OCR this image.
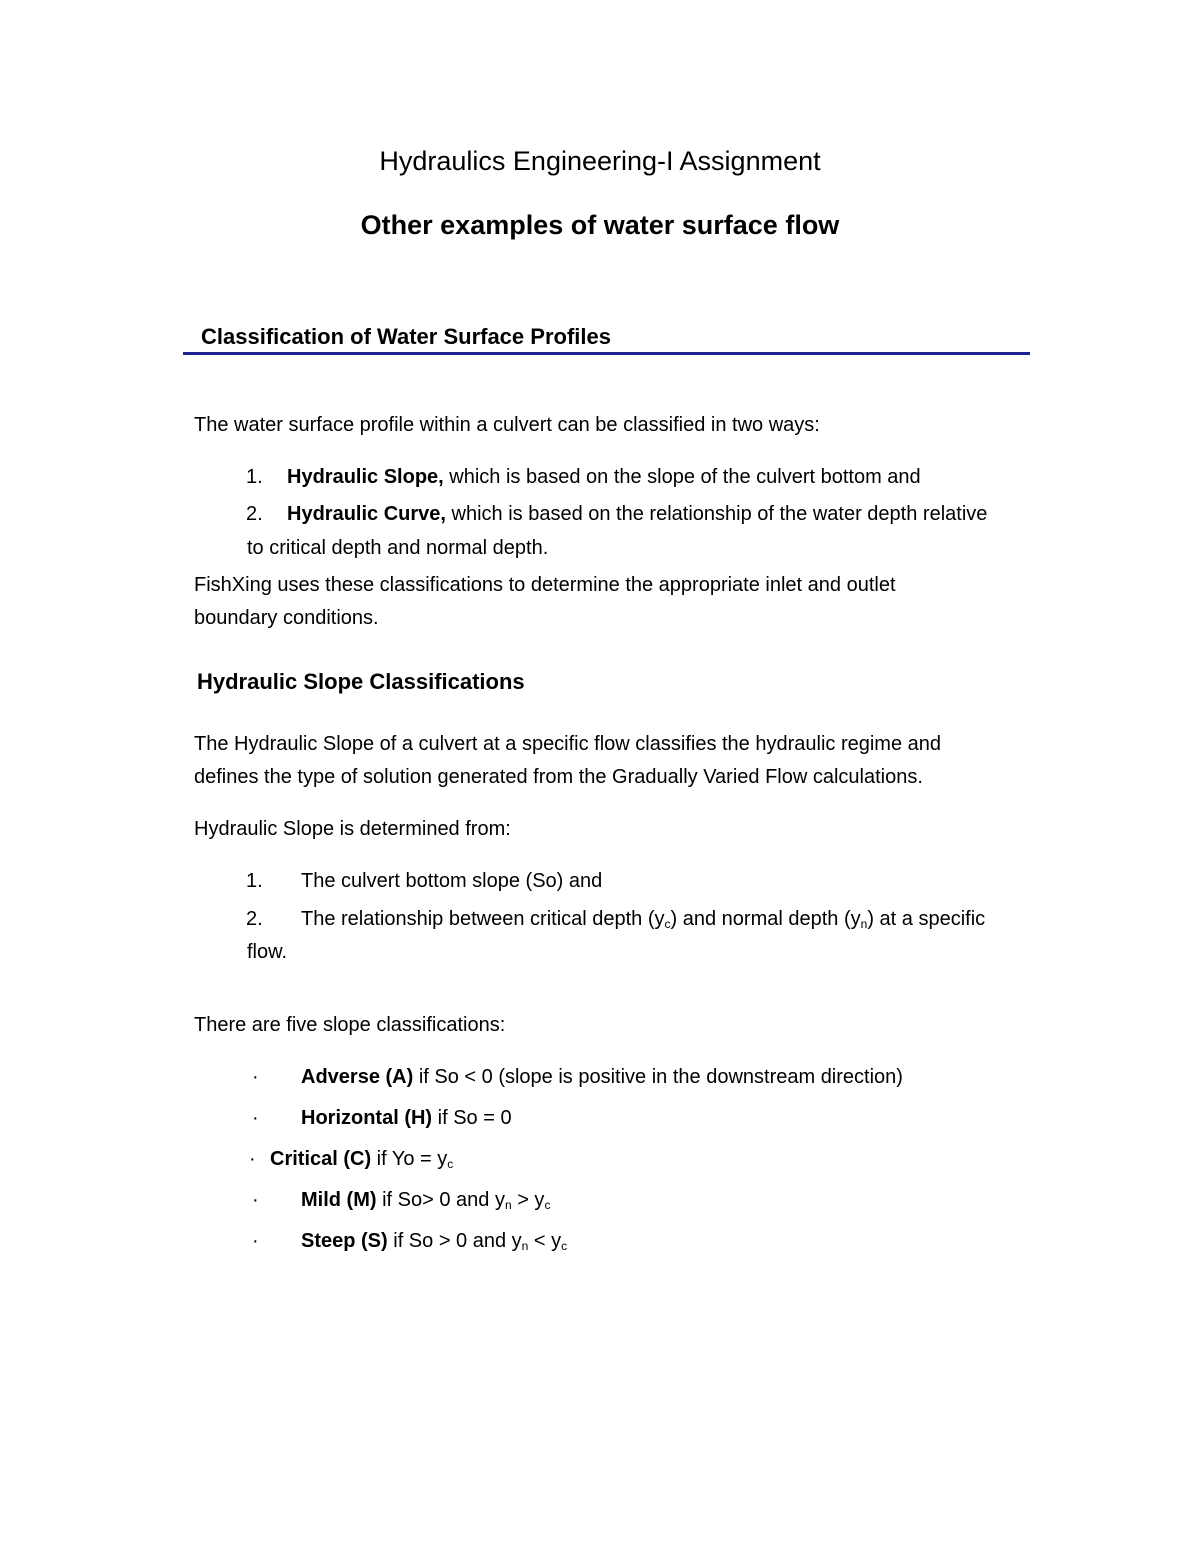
Hydraulics Engineering-I Assignment
Other examples of water surface flow
Classification of Water Surface Profiles
The water surface profile within a culvert can be classified in two ways:
1. Hydraulic Slope, which is based on the slope of the culvert bottom and
2. Hydraulic Curve, which is based on the relationship of the water depth relative
to critical depth and normal depth.
FishXing uses these classifications to determine the appropriate inlet and outlet
boundary conditions.
Hydraulic Slope Classifications
The Hydraulic Slope of a culvert at a specific flow classifies the hydraulic regime and
defines the type of solution generated from the Gradually Varied Flow calculations.
Hydraulic Slope is determined from:
1. The culvert bottom slope (So) and
2. The relationship between critical depth $(y_c)$ and normal depth $(y_n)$ at a specific
flow.
There are five slope classifications:
· Adverse (A) if So < 0 (slope is positive in the downstream direction)
· Horizontal (H) if So = 0
· Critical (C) if $Yo = y_c$
· Mild (M) if So> 0 and $y_n > y_c$
· Steep (S) if So > 0 and $y_n < y_c$
